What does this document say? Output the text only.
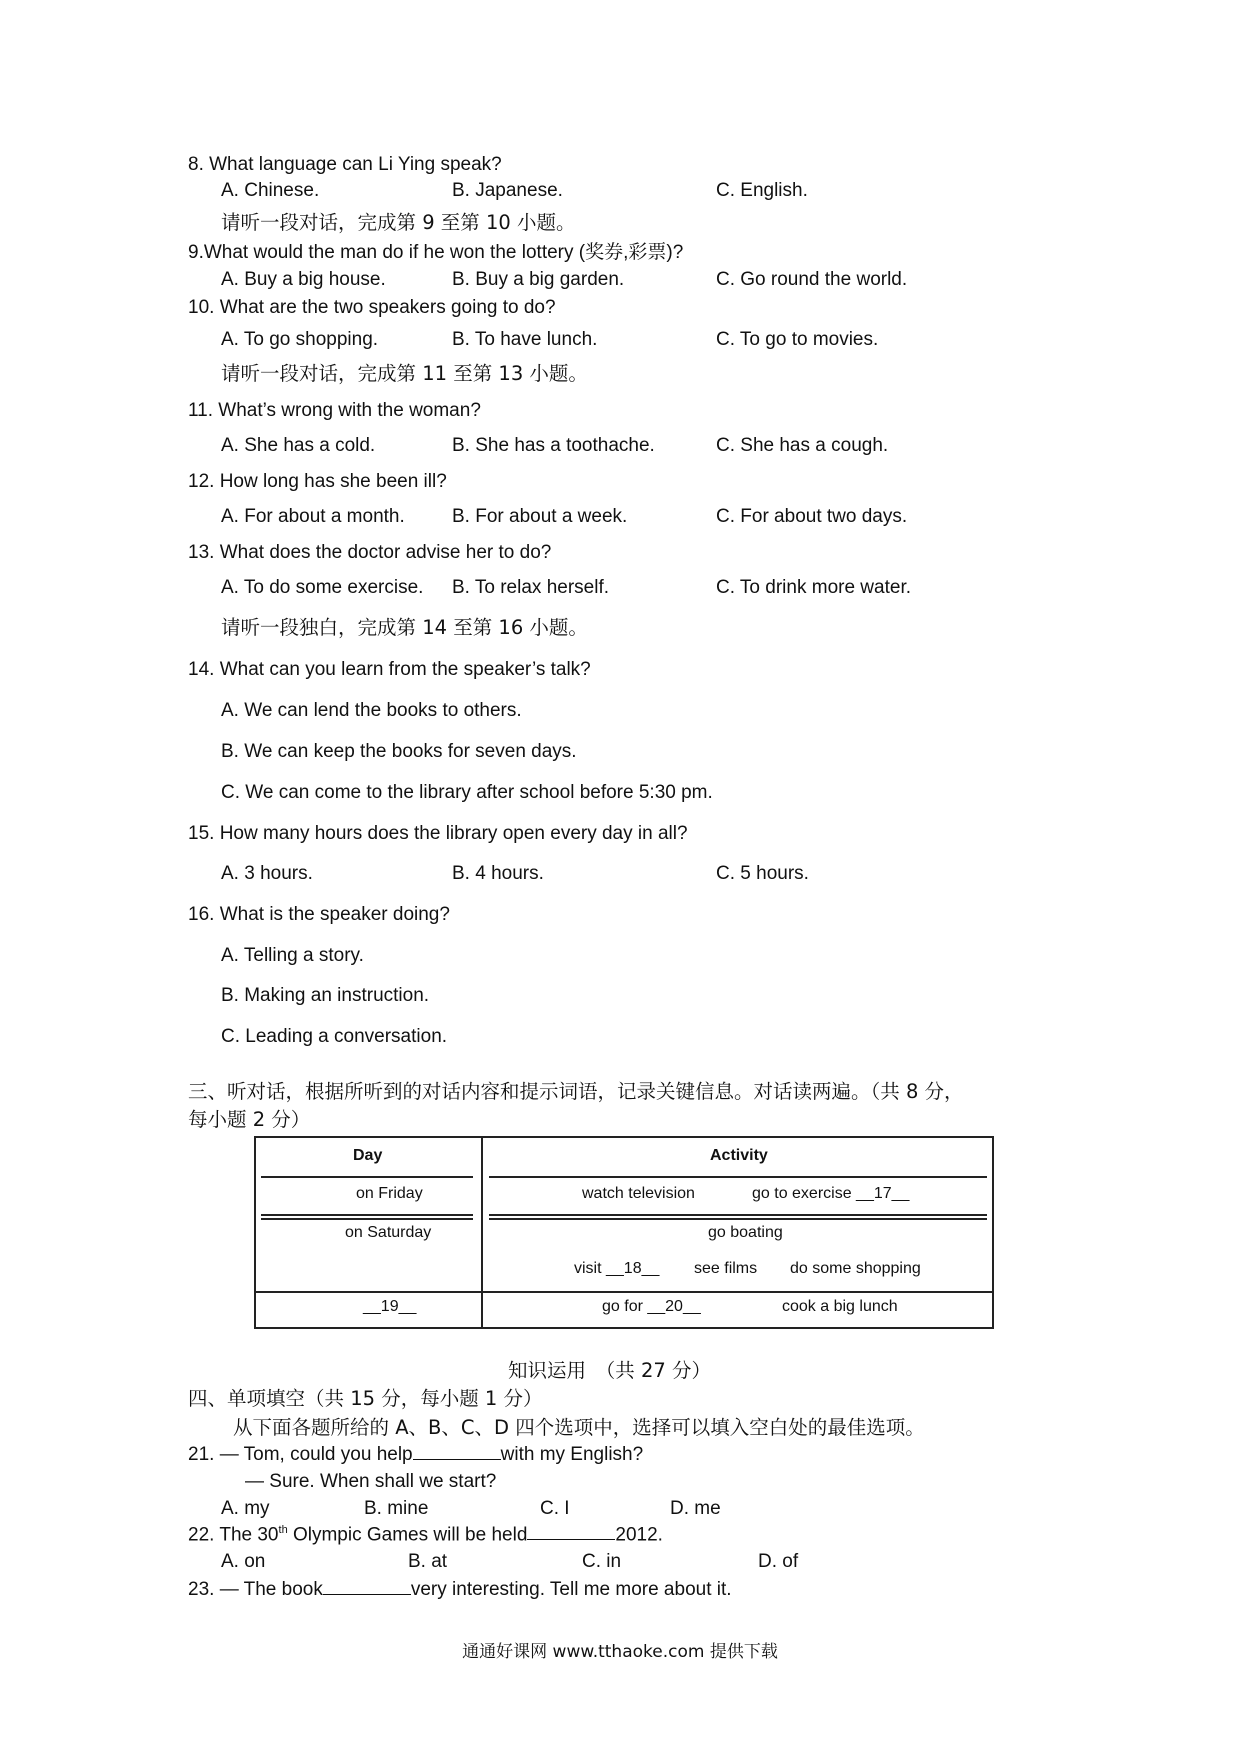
8. What language can Li Ying speak?
A. Chinese.	B. Japanese.	C. English.
请听一段对话，完成第 9 至第 10 小题。
9.What would the man do if he won the lottery (奖券,彩票)?
A. Buy a big house.	B. Buy a big garden.	C. Go round the world.
10. What are the two speakers going to do?
A. To go shopping.	B. To have lunch.	C. To go to movies.
请听一段对话，完成第 11 至第 13 小题。
11. What’s wrong with the woman?
A. She has a cold.	B. She has a toothache.	C. She has a cough.
12. How long has she been ill?
A. For about a month. B. For about a week.	C. For about two days.
13. What does the doctor advise her to do?
A. To do some exercise. B. To relax herself.	C. To drink more water.
请听一段独白，完成第 14 至第 16 小题。
14. What can you learn from the speaker’s talk?
A. We can lend the books to others.
B. We can keep the books for seven days.
C. We can come to the library after school before 5:30 pm.
15. How many hours does the library open every day in all?
A. 3 hours.	B. 4 hours.	C. 5 hours.
16. What is the speaker doing?
A. Telling a story.
B. Making an instruction.
C. Leading a conversation.
三、听对话，根据所听到的对话内容和提示词语，记录关键信息。对话读两遍。（共 8 分，
每小题 2 分）
Day	Activity
on Friday	watch television	go to exercise __17__
on Saturday	go boating
visit __18__ see films do some shopping
__19__	go for __20__	cook a big lunch
知识运用　（共 27 分）
四、单项填空（共 15 分，每小题 1 分）
从下面各题所给的 A、B、C、D 四个选项中，选择可以填入空白处的最佳选项。
21. — Tom, could you help	with my English?
— Sure. When shall we start?
A. my	B. mine	C. I	D. me
22. The 30th Olympic Games will be held	2012.
A. on	B. at	C. in	D. of
23. — The book	very interesting. Tell me more about it.
通通好课网 www.tthaoke.com 提供下载
